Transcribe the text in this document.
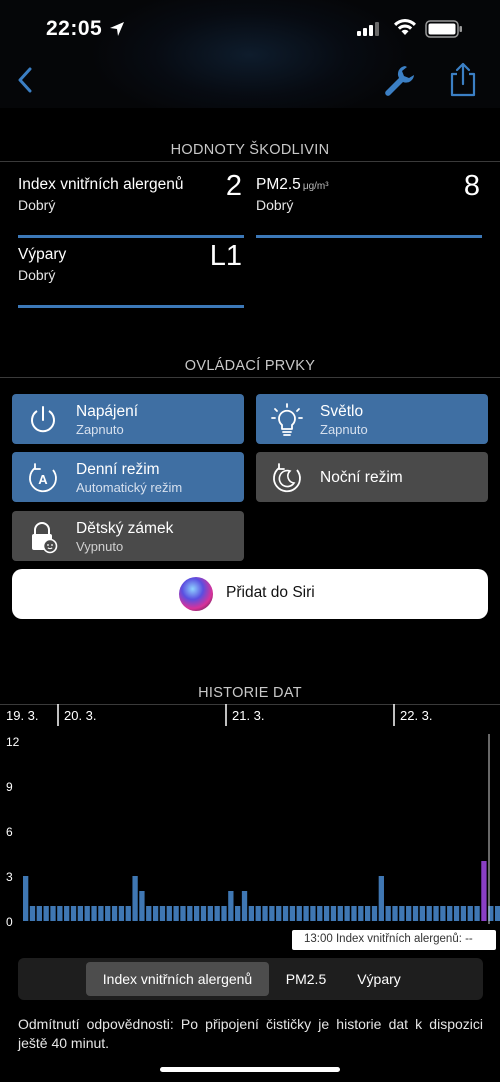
22:05
HODNOTY ŠKODLIVIN
Index vnitřních alergenů
Dobrý
2 PM2.5 μg/m³
Dobrý
8
Výpary
Dobrý
L1
OVLÁDACÍ PRVKY
Napájení
Zapnuto
Světlo
Zapnuto
A
Denní režim
Automatický režim
Noční režim
Dětský zámek
Vypnuto
Přidat do Siri
HISTORIE DAT
0
3
6
9
12
19. 3. 20. 3.	21. 3.	22. 3.
13:00 Index vnitřních alergenů: --
Index vnitřních alergenů	PM2.5	Výpary
Odmítnutí odpovědnosti: Po připojení čističky je historie dat k dispozici ještě 40 minut.
